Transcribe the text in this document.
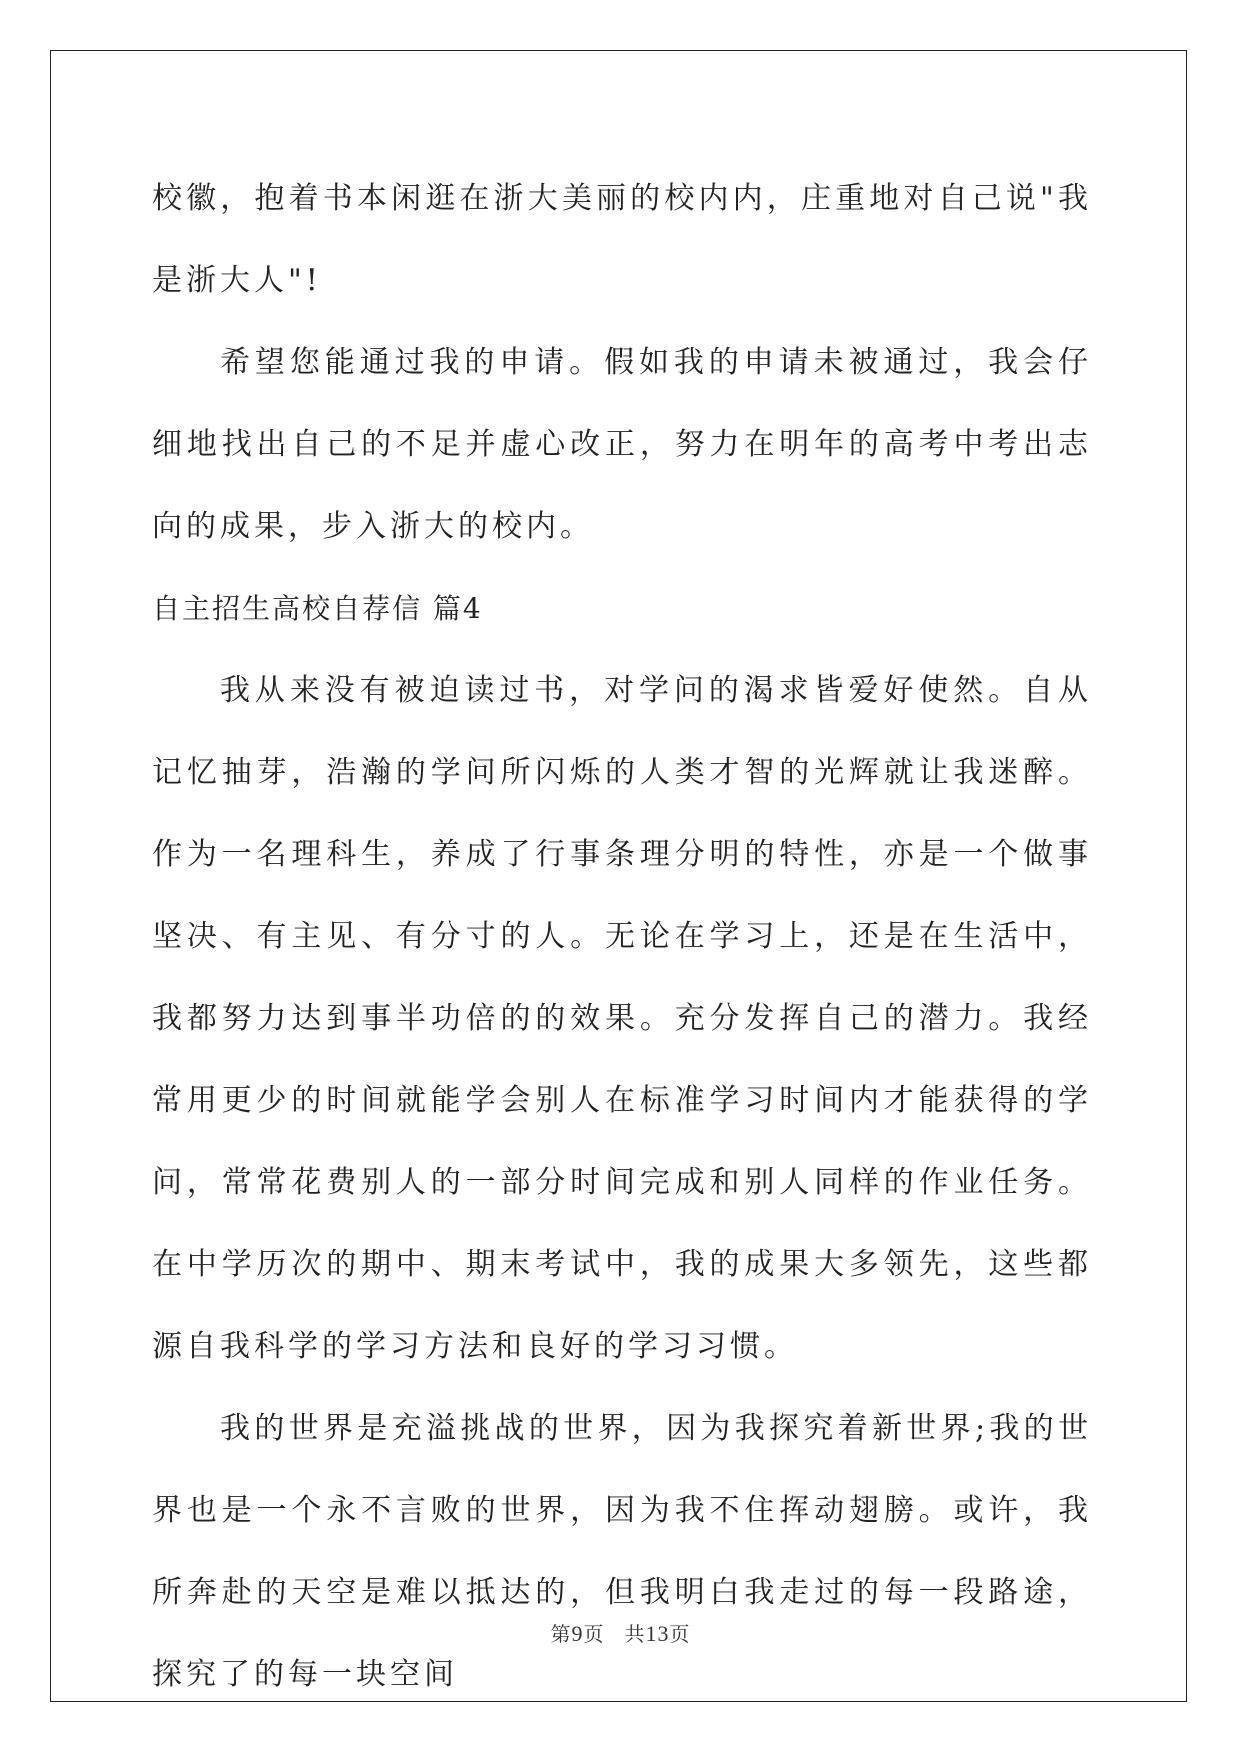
校徽，抱着书本闲逛在浙大美丽的校内内，庄重地对自己说"我是浙大人"!

希望您能通过我的申请。假如我的申请未被通过，我会仔细地找出自己的不足并虚心改正，努力在明年的高考中考出志向的成果，步入浙大的校内。

自主招生高校自荐信 篇4

我从来没有被迫读过书，对学问的渴求皆爱好使然。自从记忆抽芽，浩瀚的学问所闪烁的人类才智的光辉就让我迷醉。作为一名理科生，养成了行事条理分明的特性，亦是一个做事坚决、有主见、有分寸的人。无论在学习上，还是在生活中，我都努力达到事半功倍的的效果。充分发挥自己的潜力。我经常用更少的时间就能学会别人在标准学习时间内才能获得的学问，常常花费别人的一部分时间完成和别人同样的作业任务。在中学历次的期中、期末考试中，我的成果大多领先，这些都源自我科学的学习方法和良好的学习习惯。

我的世界是充溢挑战的世界，因为我探究着新世界;我的世界也是一个永不言败的世界，因为我不住挥动翅膀。或许，我所奔赴的天空是难以抵达的，但我明白我走过的每一段路途，探究了的每一块空间

第9页 共13页
